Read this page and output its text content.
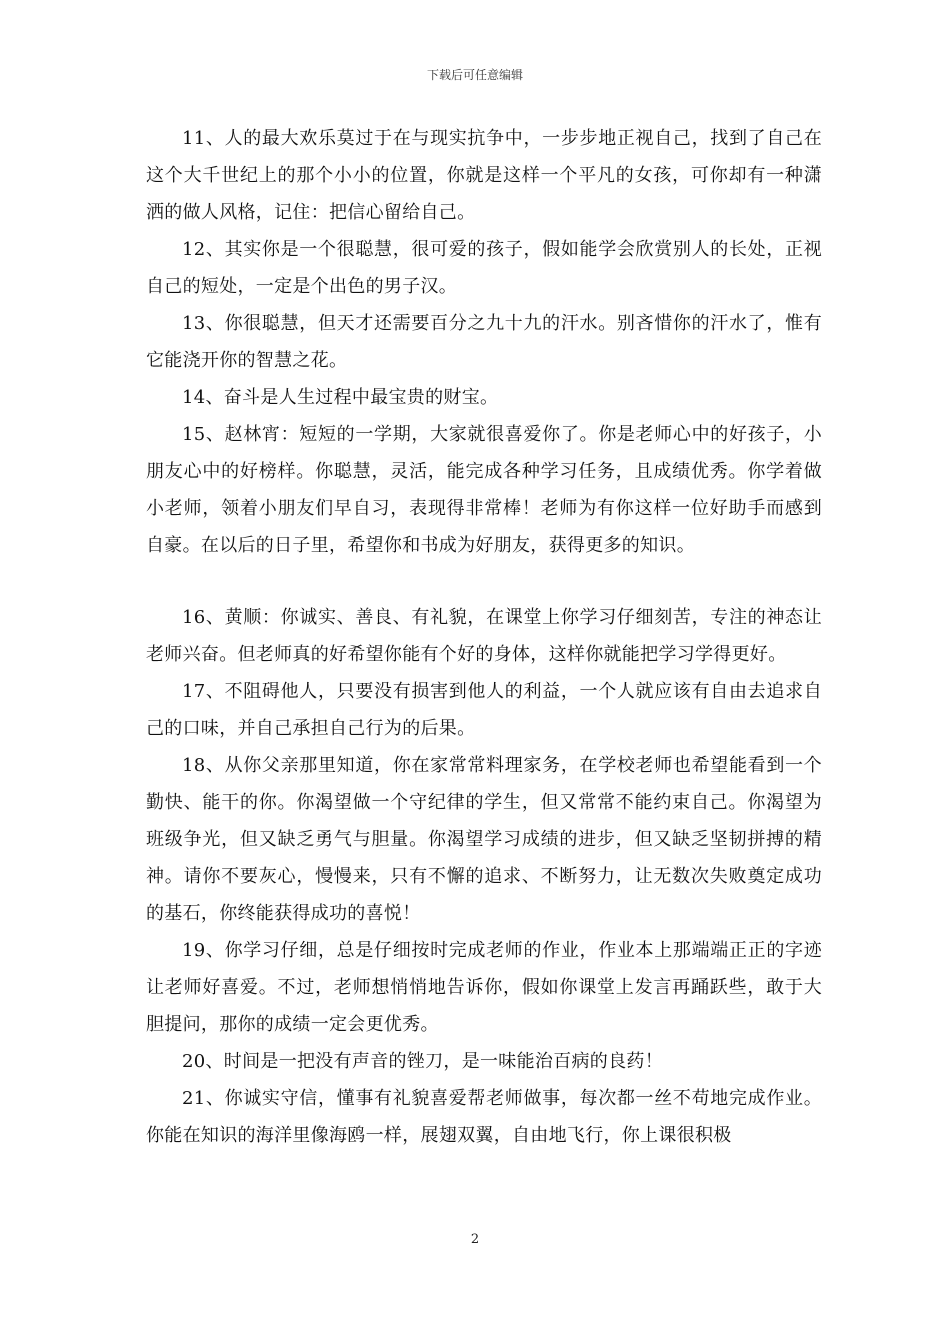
下载后可任意编辑

11、人的最大欢乐莫过于在与现实抗争中，一步步地正视自己，找到了自己在这个大千世纪上的那个小小的位置，你就是这样一个平凡的女孩，可你却有一种潇洒的做人风格，记住：把信心留给自己。

12、其实你是一个很聪慧，很可爱的孩子，假如能学会欣赏别人的长处，正视自己的短处，一定是个出色的男子汉。

13、你很聪慧，但天才还需要百分之九十九的汗水。别吝惜你的汗水了，惟有它能浇开你的智慧之花。

14、奋斗是人生过程中最宝贵的财宝。

15、赵林宵：短短的一学期，大家就很喜爱你了。你是老师心中的好孩子，小朋友心中的好榜样。你聪慧，灵活，能完成各种学习任务，且成绩优秀。你学着做小老师，领着小朋友们早自习，表现得非常棒！老师为有你这样一位好助手而感到自豪。在以后的日子里，希望你和书成为好朋友，获得更多的知识。

16、黄顺：你诚实、善良、有礼貌，在课堂上你学习仔细刻苦，专注的神态让老师兴奋。但老师真的好希望你能有个好的身体，这样你就能把学习学得更好。

17、不阻碍他人，只要没有损害到他人的利益，一个人就应该有自由去追求自己的口味，并自己承担自己行为的后果。

18、从你父亲那里知道，你在家常常料理家务，在学校老师也希望能看到一个勤快、能干的你。你渴望做一个守纪律的学生，但又常常不能约束自己。你渴望为班级争光，但又缺乏勇气与胆量。你渴望学习成绩的进步，但又缺乏坚韧拼搏的精神。请你不要灰心，慢慢来，只有不懈的追求、不断努力，让无数次失败奠定成功的基石，你终能获得成功的喜悦！

19、你学习仔细，总是仔细按时完成老师的作业，作业本上那端端正正的字迹让老师好喜爱。不过，老师想悄悄地告诉你，假如你课堂上发言再踊跃些，敢于大胆提问，那你的成绩一定会更优秀。

20、时间是一把没有声音的锉刀，是一味能治百病的良药！

21、你诚实守信，懂事有礼貌喜爱帮老师做事，每次都一丝不苟地完成作业。你能在知识的海洋里像海鸥一样，展翅双翼，自由地飞行，你上课很积极

2
